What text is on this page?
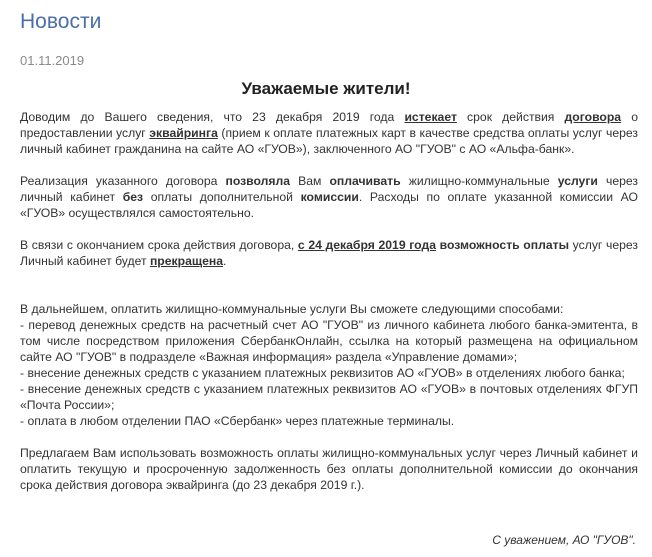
Новости
01.11.2019
Уважаемые жители!

Доводим до Вашего сведения, что 23 декабря 2019 года истекает срок действия договора о предоставлении услуг эквайринга (прием к оплате платежных карт в качестве средства оплаты услуг через личный кабинет гражданина на сайте АО «ГУОВ»), заключенного АО "ГУОВ" с АО «Альфа-банк».

Реализация указанного договора позволяла Вам оплачивать жилищно-коммунальные услуги через личный кабинет без оплаты дополнительной комиссии. Расходы по оплате указанной комиссии АО «ГУОВ» осуществлялся самостоятельно.

В связи с окончанием срока действия договора, с 24 декабря 2019 года возможность оплаты услуг через Личный кабинет будет прекращена.

В дальнейшем, оплатить жилищно-коммунальные услуги Вы сможете следующими способами:

- перевод денежных средств на расчетный счет АО "ГУОВ" из личного кабинета любого банка-эмитента, в том числе посредством приложения СбербанкОнлайн, ссылка на который размещена на официальном сайте АО "ГУОВ" в подразделе «Важная информация» раздела «Управление домами»;

- внесение денежных средств с указанием платежных реквизитов АО «ГУОВ» в отделениях любого банка;

- внесение денежных средств с указанием платежных реквизитов АО «ГУОВ» в почтовых отделениях ФГУП «Почта России»;

- оплата в любом отделении ПАО «Сбербанк» через платежные терминалы.

Предлагаем Вам использовать возможность оплаты жилищно-коммунальных услуг через Личный кабинет и оплатить текущую и просроченную задолженность без оплаты дополнительной комиссии до окончания срока действия договора эквайринга (до 23 декабря 2019 г.).

С уважением, АО "ГУОВ".
